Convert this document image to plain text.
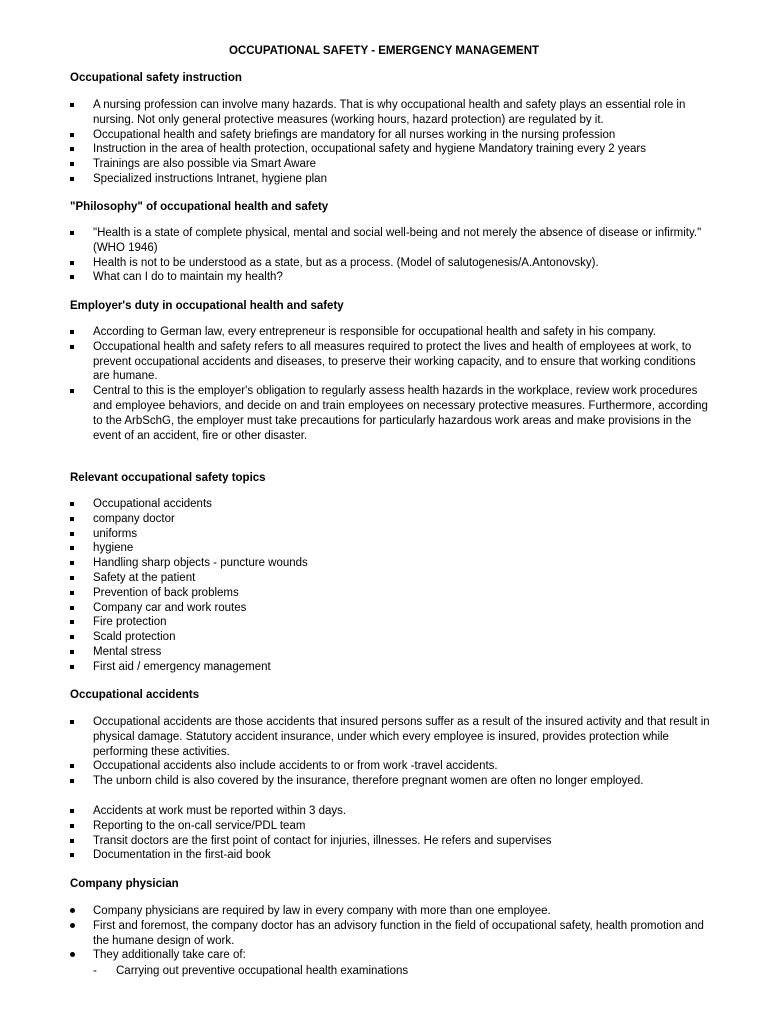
OCCUPATIONAL SAFETY - EMERGENCY MANAGEMENT
Occupational safety instruction
A nursing profession can involve many hazards. That is why occupational health and safety plays an essential role in nursing. Not only general protective measures (working hours, hazard protection) are regulated by it.
Occupational health and safety briefings are mandatory for all nurses working in the nursing profession
Instruction in the area of health protection, occupational safety and hygiene Mandatory training every 2 years
Trainings are also possible via Smart Aware
Specialized instructions Intranet, hygiene plan
"Philosophy" of occupational health and safety
"Health is a state of complete physical, mental and social well-being and not merely the absence of disease or infirmity." (WHO 1946)
Health is not to be understood as a state, but as a process. (Model of salutogenesis/A.Antonovsky).
What can I do to maintain my health?
Employer's duty in occupational health and safety
According to German law, every entrepreneur is responsible for occupational health and safety in his company.
Occupational health and safety refers to all measures required to protect the lives and health of employees at work, to prevent occupational accidents and diseases, to preserve their working capacity, and to ensure that working conditions are humane.
Central to this is the employer's obligation to regularly assess health hazards in the workplace, review work procedures and employee behaviors, and decide on and train employees on necessary protective measures. Furthermore, according to the ArbSchG, the employer must take precautions for particularly hazardous work areas and make provisions in the event of an accident, fire or other disaster.
Relevant occupational safety topics
Occupational accidents
company doctor
uniforms
hygiene
Handling sharp objects - puncture wounds
Safety at the patient
Prevention of back problems
Company car and work routes
Fire protection
Scald protection
Mental stress
First aid / emergency management
Occupational accidents
Occupational accidents are those accidents that insured persons suffer as a result of the insured activity and that result in physical damage. Statutory accident insurance, under which every employee is insured, provides protection while performing these activities.
Occupational accidents also include accidents to or from work -travel accidents.
The unborn child is also covered by the insurance, therefore pregnant women are often no longer employed.
Accidents at work must be reported within 3 days.
Reporting to the on-call service/PDL team
Transit doctors are the first point of contact for injuries, illnesses. He refers and supervises
Documentation in the first-aid book
Company physician
Company physicians are required by law in every company with more than one employee.
First and foremost, the company doctor has an advisory function in the field of occupational safety, health promotion and the humane design of work.
They additionally take care of:
- Carrying out preventive occupational health examinations
